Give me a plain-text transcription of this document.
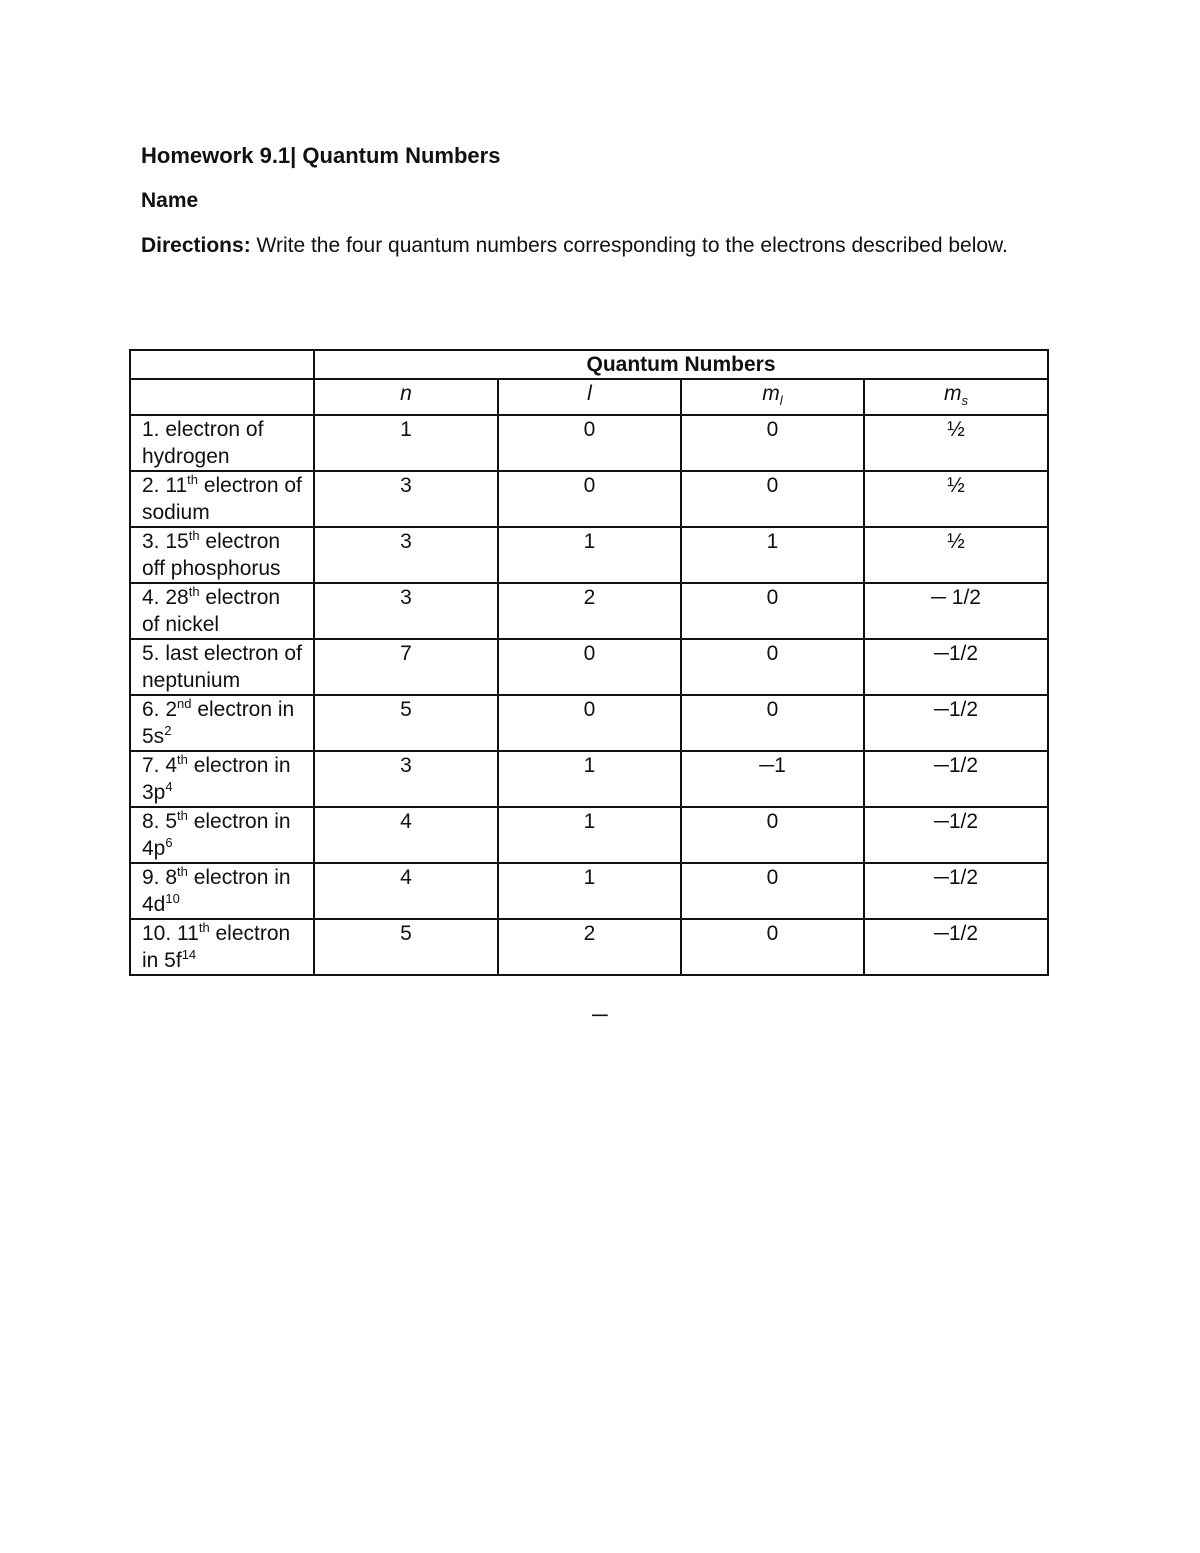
Homework 9.1| Quantum Numbers
Name
Directions: Write the four quantum numbers corresponding to the electrons described below.
	Quantum Numbers			
	n	l	$m_l$	$m_s$
1. electron of hydrogen	1	0	0	½
2. 11th electron of sodium	3	0	0	½
3. 15th electron off phosphorus	3	1	1	½
4. 28th electron of nickel	3	2	0	─ 1/2
5. last electron of neptunium	7	0	0	─1/2
6. 2nd electron in $5s^2$	5	0	0	─1/2
7. 4th electron in $3p^4$	3	1	─1	─1/2
8. 5th electron in $4p^6$	4	1	0	─1/2
9. 8th electron in $4d^{10}$	4	1	0	─1/2
10. 11th electron in $5f^{14}$	5	2	0	─1/2
─
